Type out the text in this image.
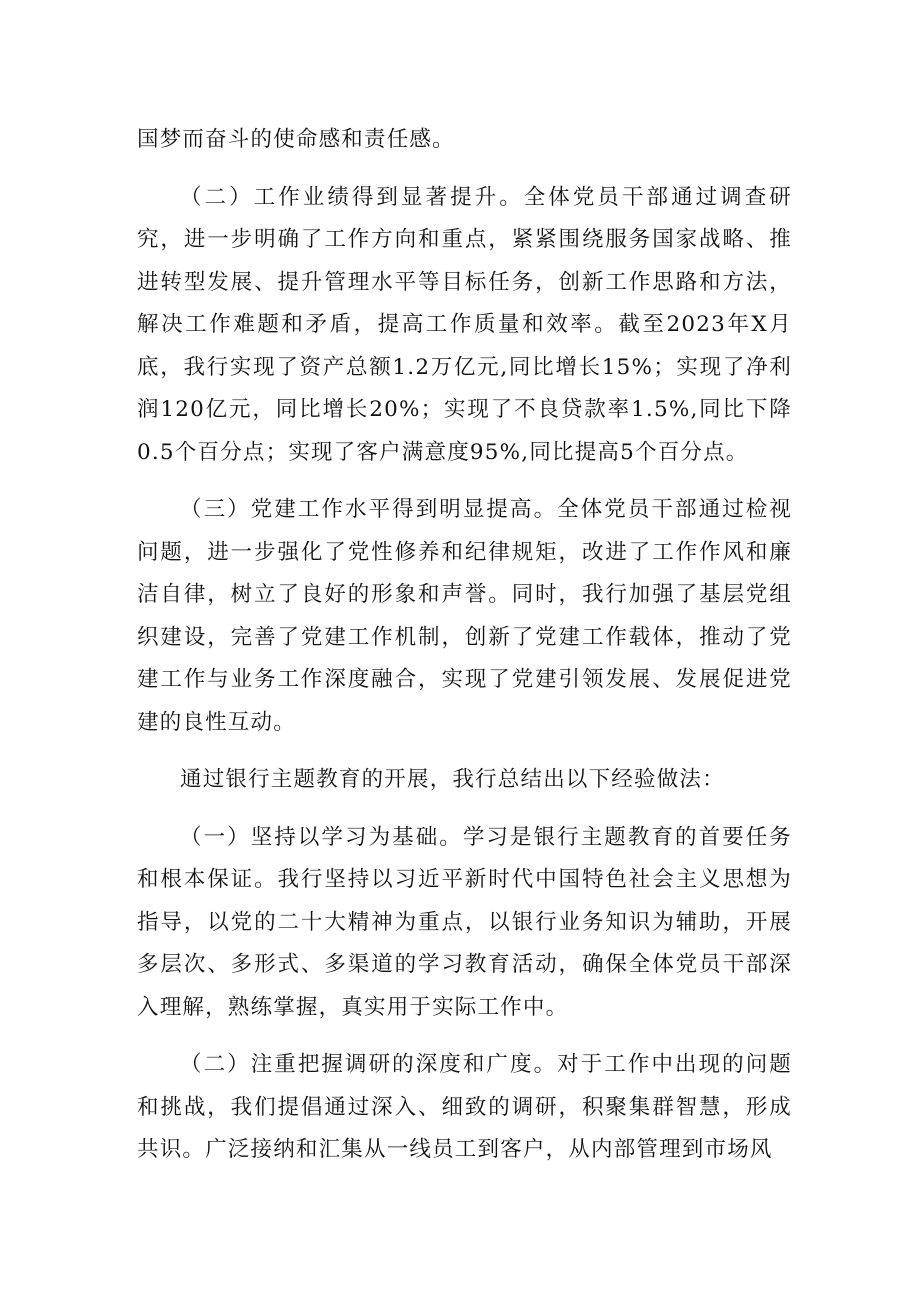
国梦而奋斗的使命感和责任感。

（二）工作业绩得到显著提升。全体党员干部通过调查研究，进一步明确了工作方向和重点，紧紧围绕服务国家战略、推进转型发展、提升管理水平等目标任务，创新工作思路和方法，解决工作难题和矛盾，提高工作质量和效率。截至2023年X月底，我行实现了资产总额1.2万亿元,同比增长15%；实现了净利润120亿元，同比增长20%；实现了不良贷款率1.5%,同比下降0.5个百分点；实现了客户满意度95%,同比提高5个百分点。

（三）党建工作水平得到明显提高。全体党员干部通过检视问题，进一步强化了党性修养和纪律规矩，改进了工作作风和廉洁自律，树立了良好的形象和声誉。同时，我行加强了基层党组织建设，完善了党建工作机制，创新了党建工作载体，推动了党建工作与业务工作深度融合，实现了党建引领发展、发展促进党建的良性互动。

通过银行主题教育的开展，我行总结出以下经验做法：

（一）坚持以学习为基础。学习是银行主题教育的首要任务和根本保证。我行坚持以习近平新时代中国特色社会主义思想为指导，以党的二十大精神为重点，以银行业务知识为辅助，开展多层次、多形式、多渠道的学习教育活动，确保全体党员干部深入理解，熟练掌握，真实用于实际工作中。

（二）注重把握调研的深度和广度。对于工作中出现的问题和挑战，我们提倡通过深入、细致的调研，积聚集群智慧，形成共识。广泛接纳和汇集从一线员工到客户，从内部管理到市场风
